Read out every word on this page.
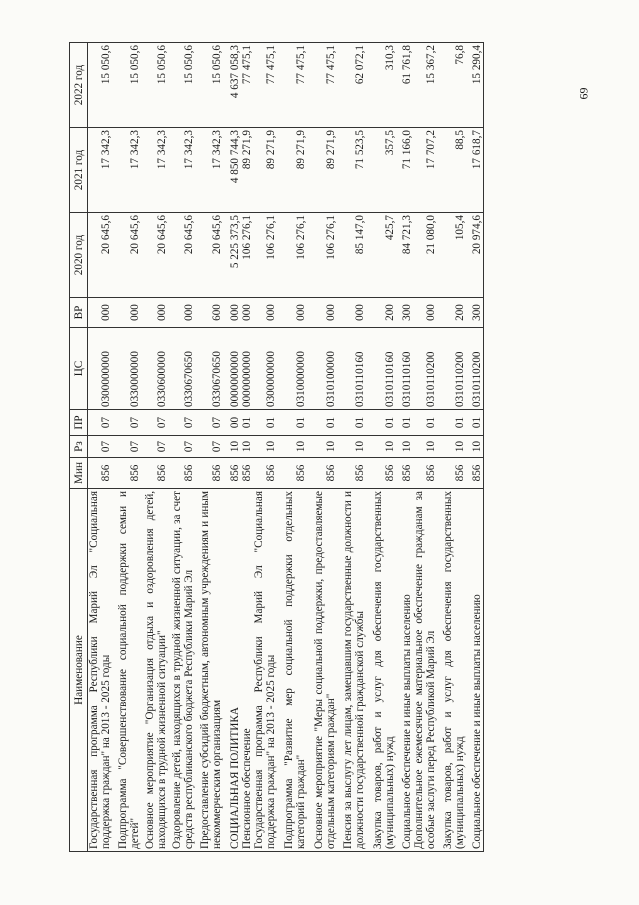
69
Наименование	Мин	Рз	ПР	ЦС	ВР	2020 год	2021 год	2022 год
Государственная программа Республики Марий Эл "Социальная поддержка граждан" на 2013 - 2025 годы	856	07	07	0300000000	000	20 645,6	17 342,3	15 050,6
Подпрограмма "Совершенствование социальной поддержки семьи и детей"	856	07	07	0330000000	000	20 645,6	17 342,3	15 050,6
Основное мероприятие "Организация отдыха и оздоровления детей, находящихся в трудной жизненной ситуации"	856	07	07	0330600000	000	20 645,6	17 342,3	15 050,6
Оздоровление детей, находящихся в трудной жизненной ситуации, за счет средств республиканского бюджета Республики Марий Эл	856	07	07	0330670650	000	20 645,6	17 342,3	15 050,6
Предоставление субсидий бюджетным, автономным учреждениям и иным некоммерческим организациям	856	07	07	0330670650	600	20 645,6	17 342,3	15 050,6
СОЦИАЛЬНАЯ ПОЛИТИКА	856	10	00	0000000000	000	5 225 373,5	4 850 744,3	4 637 058,3
Пенсионное обеспечение	856	10	01	0000000000	000	106 276,1	89 271,9	77 475,1
Государственная программа Республики Марий Эл "Социальная поддержка граждан" на 2013 - 2025 годы	856	10	01	0300000000	000	106 276,1	89 271,9	77 475,1
Подпрограмма "Развитие мер социальной поддержки отдельных категорий граждан"	856	10	01	0310000000	000	106 276,1	89 271,9	77 475,1
Основное мероприятие "Меры социальной поддержки, предоставляемые отдельным категориям граждан"	856	10	01	0310100000	000	106 276,1	89 271,9	77 475,1
Пенсия за выслугу лет лицам, замещавшим государственные должности и должности государственной гражданской службы	856	10	01	0310110160	000	85 147,0	71 523,5	62 072,1
Закупка товаров, работ и услуг для обеспечения государственных (муниципальных) нужд	856	10	01	0310110160	200	425,7	357,5	310,3
Социальное обеспечение и иные выплаты населению	856	10	01	0310110160	300	84 721,3	71 166,0	61 761,8
Дополнительное ежемесячное материальное обеспечение гражданам за особые заслуги перед Республикой Марий Эл	856	10	01	0310110200	000	21 080,0	17 707,2	15 367,2
Закупка товаров, работ и услуг для обеспечения государственных (муниципальных) нужд	856	10	01	0310110200	200	105,4	88,5	76,8
Социальное обеспечение и иные выплаты населению	856	10	01	0310110200	300	20 974,6	17 618,7	15 290,4
